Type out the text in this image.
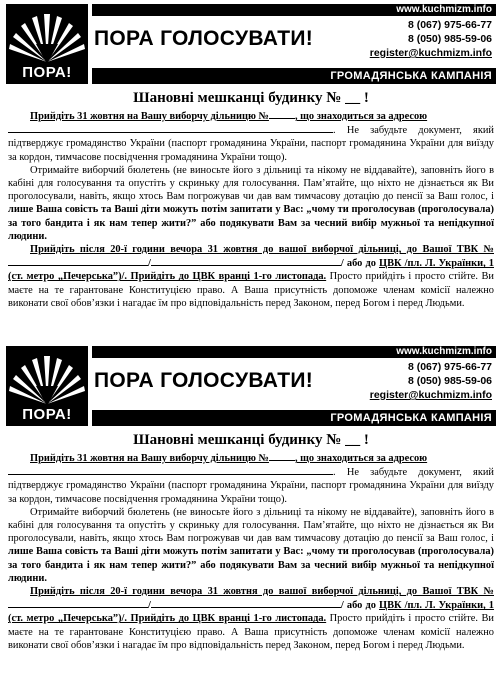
ПОРА!
www.kuchmizm.info
ПОРА ГОЛОСУВАТИ!
8 (067) 975-66-77
8 (050) 985-59-06
register@kuchmizm.info
ГРОМАДЯНСЬКА КАМПАНІЯ
Шановні мешканці будинку № __ !

Прийдіть 31 жовтня на Вашу виборчу дільницю №	, що знаходиться за адресою

. Не забудьте документ, який підтверджує громадянство України (паспорт громадянина України, паспорт громадянина України для виїзду за кордон, тимчасове посвідчення громадянина України тощо).

Отримайте виборчий бюлетень (не виносьте його з дільниці та нікому не віддавайте), заповніть його в кабіні для голосування та опустіть у скриньку для голосування. Пам’ятайте, що ніхто не дізнається як Ви проголосували, навіть, якщо хтось Вам погрожував чи дав вам тимчасову дотацію до пенсії за Ваш голос, і лише Ваша совість та Ваші діти можуть потім запитати у Вас: „чому ти проголосував (проголосувала) за того бандита і як нам тепер жити?” або подякувати Вам за чесний вибір мужньої та непідкупної людини.

Прийдіть після 20-ї години вечора 31 жовтня до вашої виборчої дільниці, до Вашої ТВК №/	/ або до ЦВК /пл. Л. Українки, 1 (ст. метро „Печерська”)/. Прийдіть до ЦВК вранці 1-го листопада. Просто прийдіть і просто стійте. Ви маєте на те гарантоване Конституцією право. А Ваша присутність допоможе членам комісії належно виконати свої обов’язки і нагадає їм про відповідальність перед Законом, перед Богом і перед Людьми.

ПОРА!
www.kuchmizm.info
ПОРА ГОЛОСУВАТИ!
8 (067) 975-66-77
8 (050) 985-59-06
register@kuchmizm.info
ГРОМАДЯНСЬКА КАМПАНІЯ
Шановні мешканці будинку № __ !

Прийдіть 31 жовтня на Вашу виборчу дільницю №	, що знаходиться за адресою

. Не забудьте документ, який підтверджує громадянство України (паспорт громадянина України, паспорт громадянина України для виїзду за кордон, тимчасове посвідчення громадянина України тощо).

Отримайте виборчий бюлетень (не виносьте його з дільниці та нікому не віддавайте), заповніть його в кабіні для голосування та опустіть у скриньку для голосування. Пам’ятайте, що ніхто не дізнається як Ви проголосували, навіть, якщо хтось Вам погрожував чи дав вам тимчасову дотацію до пенсії за Ваш голос, і лише Ваша совість та Ваші діти можуть потім запитати у Вас: „чому ти проголосував (проголосувала) за того бандита і як нам тепер жити?” або подякувати Вам за чесний вибір мужньої та непідкупної людини.

Прийдіть після 20-ї години вечора 31 жовтня до вашої виборчої дільниці, до Вашої ТВК №/	/ або до ЦВК /пл. Л. Українки, 1 (ст. метро „Печерська”)/. Прийдіть до ЦВК вранці 1-го листопада. Просто прийдіть і просто стійте. Ви маєте на те гарантоване Конституцією право. А Ваша присутність допоможе членам комісії належно виконати свої обов’язки і нагадає їм про відповідальність перед Законом, перед Богом і перед Людьми.
